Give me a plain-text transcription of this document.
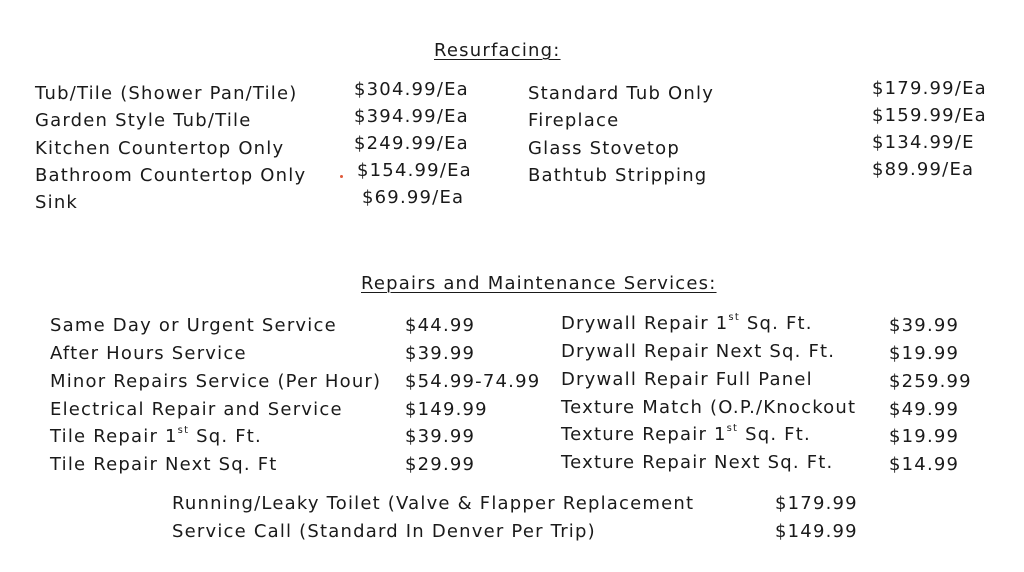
Resurfacing:
Tub/Tile (Shower Pan/Tile)	$304.99/Ea
Garden Style Tub/Tile	$394.99/Ea
Kitchen Countertop Only	$249.99/Ea
Bathroom Countertop Only	$154.99/Ea
Sink	$69.99/Ea
Standard Tub Only	$179.99/Ea
Fireplace	$159.99/Ea
Glass Stovetop	$134.99/E
Bathtub Stripping	$89.99/Ea
Repairs and Maintenance Services:
Same Day or Urgent Service	$44.99
After Hours Service	$39.99
Minor Repairs Service (Per Hour) $54.99-74.99
Electrical Repair and Service	$149.99
Tile Repair 1st Sq. Ft.	$39.99
Tile Repair Next Sq. Ft	$29.99
Drywall Repair 1st Sq. Ft.	$39.99
Drywall Repair Next Sq. Ft.	$19.99
Drywall Repair Full Panel	$259.99
Texture Match (O.P./Knockout $49.99
Texture Repair 1st Sq. Ft.	$19.99
Texture Repair Next Sq. Ft.	$14.99
Running/Leaky Toilet (Valve & Flapper Replacement	$179.99
Service Call (Standard In Denver Per Trip)	$149.99
